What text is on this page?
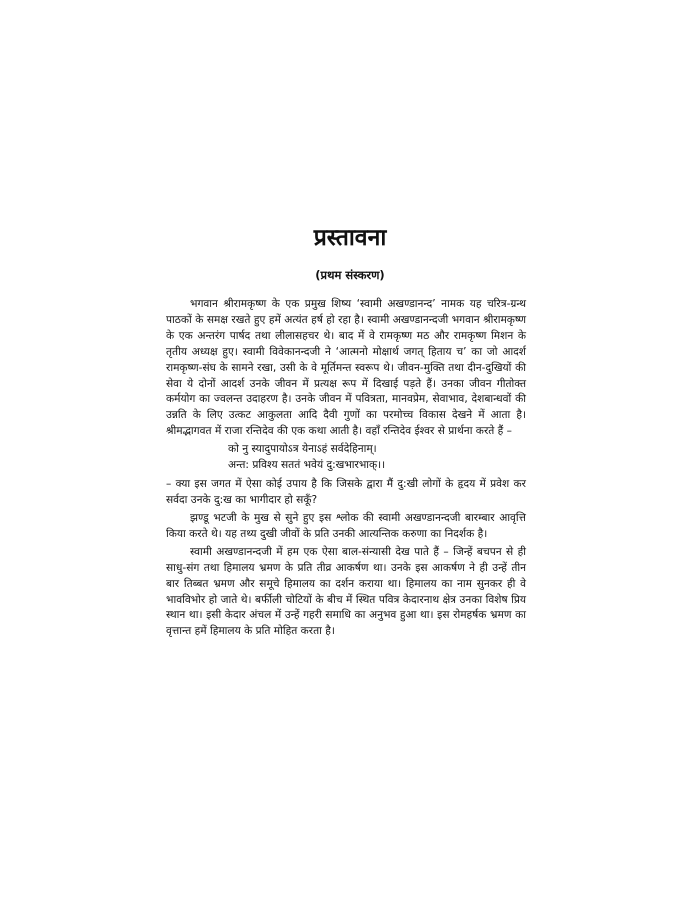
प्रस्तावना
(प्रथम संस्करण)

भगवान श्रीरामकृष्ण के एक प्रमुख शिष्य ‘स्वामी अखण्डानन्द’ नामक यह चरित्र-ग्रन्थ पाठकों के समक्ष रखते हुए हमें अत्यंत हर्ष हो रहा है। स्वामी अखण्डानन्दजी भगवान श्रीरामकृष्ण के एक अन्तरंग पार्षद तथा लीलासहचर थे। बाद में वे रामकृष्ण मठ और रामकृष्ण मिशन के तृतीय अध्यक्ष हुए। स्वामी विवेकानन्दजी ने ‘आत्मनो मोक्षार्थ जगत् हिताय च’ का जो आदर्श रामकृष्ण-संघ के सामने रखा, उसी के वे मूर्तिमन्त स्वरूप थे। जीवन-मुक्ति तथा दीन-दुखियों की सेवा ये दोनों आदर्श उनके जीवन में प्रत्यक्ष रूप में दिखाई पड़ते हैं। उनका जीवन गीतोक्त कर्मयोग का ज्वलन्त उदाहरण है। उनके जीवन में पवित्रता, मानवप्रेम, सेवाभाव, देशबान्धवों की उन्नति के लिए उत्कट आकुलता आदि दैवी गुणों का परमोच्च विकास देखने में आता है। श्रीमद्भागवत में राजा रन्तिदेव की एक कथा आती है। वहाँ रन्तिदेव ईश्वर से प्रार्थना करते हैं –

को नु स्यादुपायोऽत्र येनाऽहं सर्वदेहिनाम्।
अन्त: प्रविश्य सततं भवेयं दु:खभारभाक्।।

– क्या इस जगत में ऐसा कोई उपाय है कि जिसके द्वारा मैं दु:खी लोगों के हृदय में प्रवेश कर सर्वदा उनके दु:ख का भागीदार हो सकूँ?

झण्डू भटजी के मुख से सुने हुए इस श्लोक की स्वामी अखण्डानन्दजी बारम्बार आवृत्ति किया करते थे। यह तथ्य दुखी जीवों के प्रति उनकी आत्यन्तिक करुणा का निदर्शक है।

स्वामी अखण्डानन्दजी में हम एक ऐसा बाल-संन्यासी देख पाते हैं – जिन्हें बचपन से ही साधु-संग तथा हिमालय भ्रमण के प्रति तीव्र आकर्षण था। उनके इस आकर्षण ने ही उन्हें तीन बार तिब्बत भ्रमण और समूचे हिमालय का दर्शन कराया था। हिमालय का नाम सुनकर ही वे भावविभोर हो जाते थे। बर्फीली चोटियों के बीच में स्थित पवित्र केदारनाथ क्षेत्र उनका विशेष प्रिय स्थान था। इसी केदार अंचल में उन्हें गहरी समाधि का अनुभव हुआ था। इस रोमहर्षक भ्रमण का वृत्तान्त हमें हिमालय के प्रति मोहित करता है।
